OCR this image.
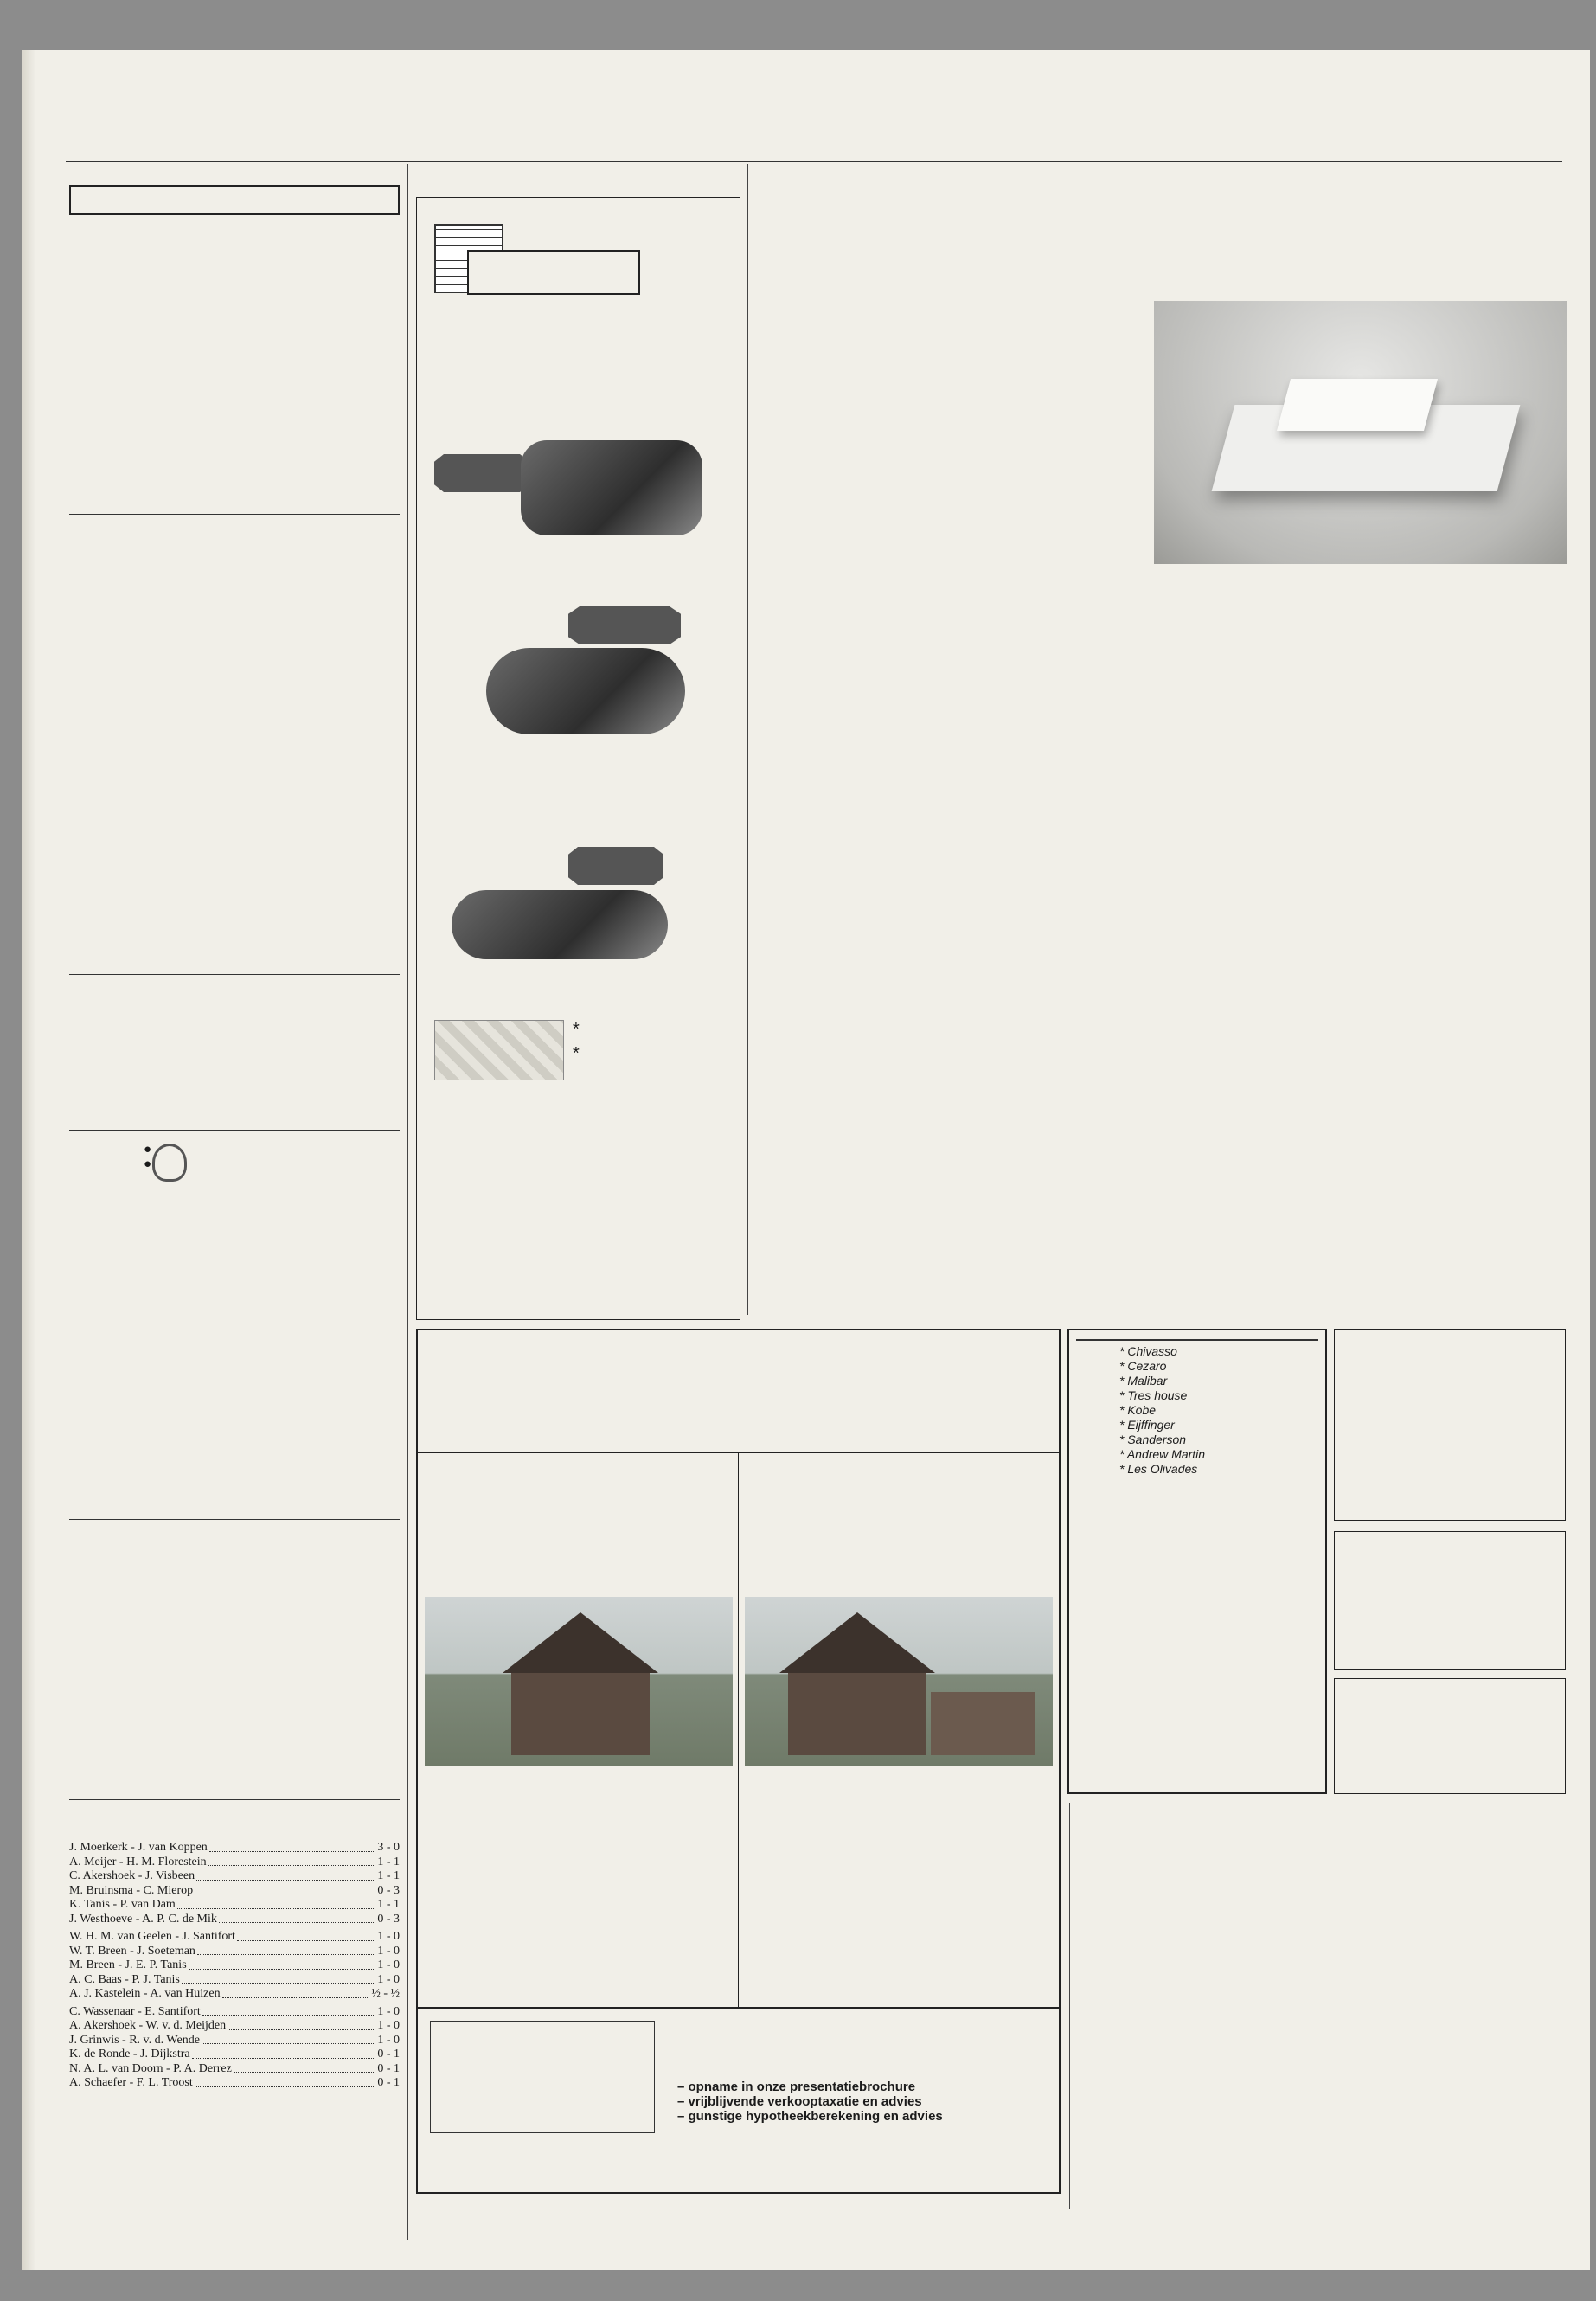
●
●
J. Moerkerk - J. van Koppen	3 - 0
A. Meijer - H. M. Florestein	1 - 1
C. Akershoek - J. Visbeen	1 - 1
M. Bruinsma - C. Mierop	0 - 3
K. Tanis - P. van Dam	1 - 1
J. Westhoeve - A. P. C. de Mik	0 - 3
W. H. M. van Geelen - J. Santifort	1 - 0
W. T. Breen - J. Soeteman	1 - 0
M. Breen - J. E. P. Tanis	1 - 0
A. C. Baas - P. J. Tanis	1 - 0
A. J. Kastelein - A. van Huizen	½ - ½
C. Wassenaar - E. Santifort	1 - 0
A. Akershoek - W. v. d. Meijden	1 - 0
J. Grinwis - R. v. d. Wende	1 - 0
K. de Ronde - J. Dijkstra	0 - 1
N. A. L. van Doorn - P. A. Derrez	0 - 1
A. Schaefer - F. L. Troost	0 - 1
*
*

– opname in onze presentatiebrochure
– vrijblijvende verkooptaxatie en advies
– gunstige hypotheekberekening en advies
* Chivasso
* Cezaro
* Malibar
* Tres house
* Kobe
* Eijffinger
* Sanderson
* Andrew Martin
* Les Olivades
